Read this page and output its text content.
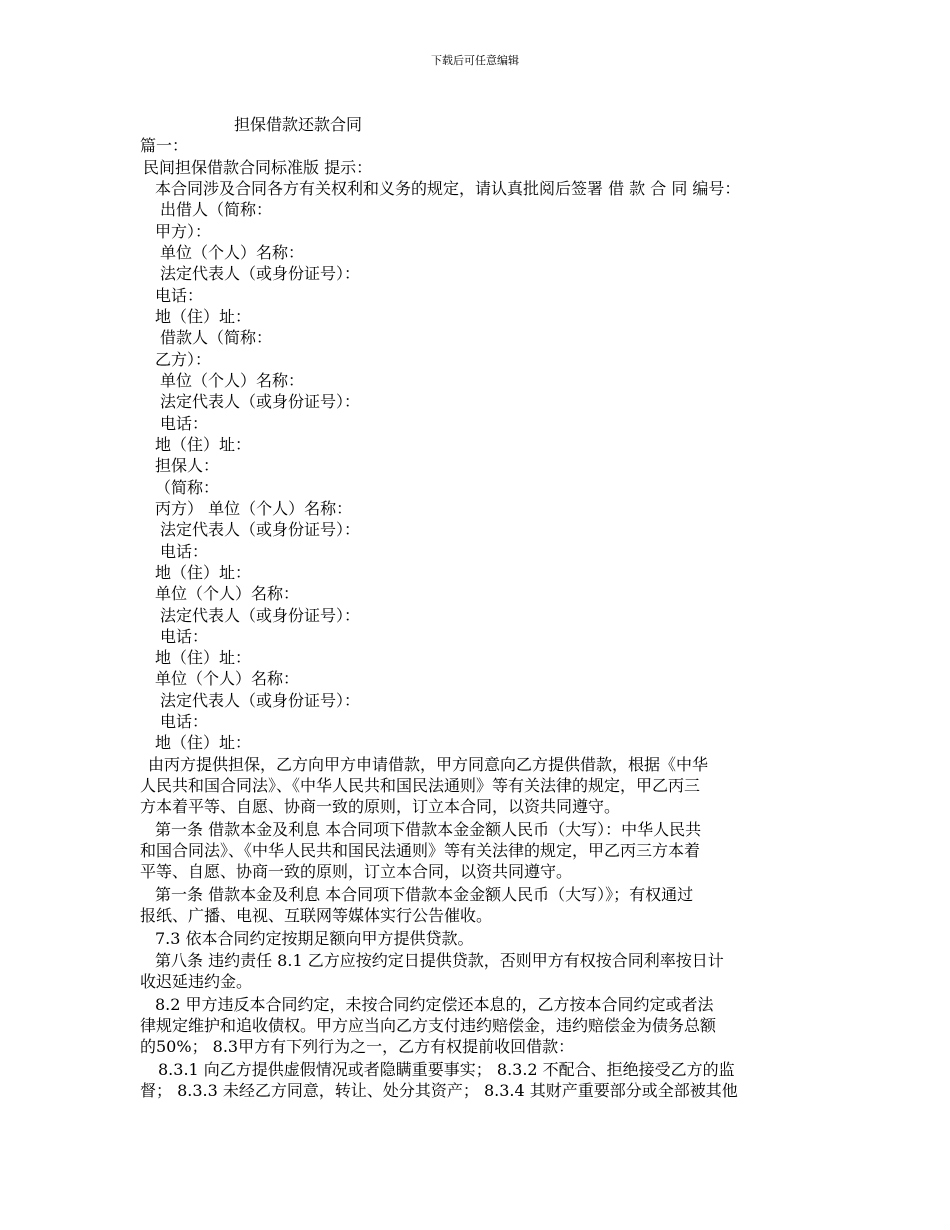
下载后可任意编辑
担保借款还款合同
篇一：
民间担保借款合同标准版 提示：
本合同涉及合同各方有关权利和义务的规定，请认真批阅后签署 借 款 合 同 编号：
出借人（简称：
甲方）：
单位（个人）名称：
法定代表人（或身份证号）：
电话：
地（住）址：
借款人（简称：
乙方）：
单位（个人）名称：
法定代表人（或身份证号）：
电话：
地（住）址：
担保人：
（简称：
丙方） 单位（个人）名称：
法定代表人（或身份证号）：
电话：
地（住）址：
单位（个人）名称：
法定代表人（或身份证号）：
电话：
地（住）址：
单位（个人）名称：
法定代表人（或身份证号）：
电话：
地（住）址：
由丙方提供担保，乙方向甲方申请借款，甲方同意向乙方提供借款，根据《中华
人民共和国合同法》、《中华人民共和国民法通则》等有关法律的规定，甲乙丙三
方本着平等、自愿、协商一致的原则，订立本合同，以资共同遵守。
第一条 借款本金及利息 本合同项下借款本金金额人民币（大写）：中华人民共
和国合同法》、《中华人民共和国民法通则》等有关法律的规定，甲乙丙三方本着
平等、自愿、协商一致的原则，订立本合同，以资共同遵守。
第一条 借款本金及利息 本合同项下借款本金金额人民币（大写）》；有权通过
报纸、广播、电视、互联网等媒体实行公告催收。
7.3 依本合同约定按期足额向甲方提供贷款。
第八条 违约责任 8.1 乙方应按约定日提供贷款，否则甲方有权按合同利率按日计
收迟延违约金。
8.2 甲方违反本合同约定，未按合同约定偿还本息的，乙方按本合同约定或者法
律规定维护和追收债权。甲方应当向乙方支付违约赔偿金，违约赔偿金为债务总额
的50%； 8.3甲方有下列行为之一，乙方有权提前收回借款：
8.3.1 向乙方提供虚假情况或者隐瞒重要事实； 8.3.2 不配合、拒绝接受乙方的监
督； 8.3.3 未经乙方同意，转让、处分其资产； 8.3.4 其财产重要部分或全部被其他
